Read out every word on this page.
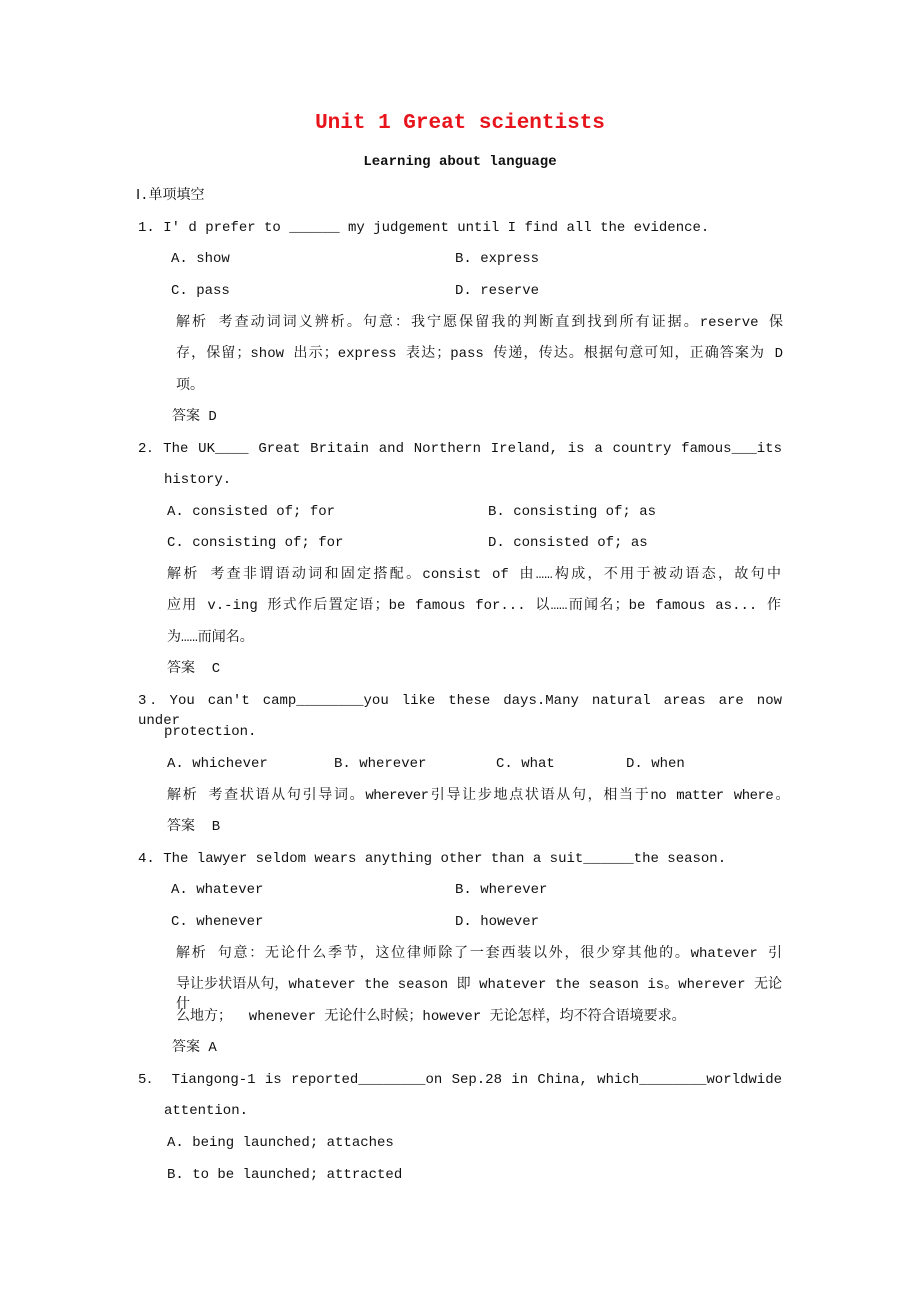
Unit 1 Great scientists
Learning about language
Ⅰ.单项填空
1. I' d prefer to ______ my judgement until I find all the evidence.
A. show	B. express
C. pass	D. reserve
解析 考查动词词义辨析。句意：我宁愿保留我的判断直到找到所有证据。reserve 保
存，保留；show 出示；express 表达；pass 传递，传达。根据句意可知，正确答案为 D
项。
答案 D
2．The UK____ Great Britain and Northern Ireland, is a country famous___its
history.
A. consisted of; for	B. consisting of; as
C. consisting of; for	D. consisted of; as
解析 考查非谓语动词和固定搭配。consist of 由……构成，不用于被动语态，故句中
应用 v.-ing 形式作后置定语；be famous for... 以……而闻名；be famous as... 作
为……而闻名。
答案  C
3．You can't camp________you like these days.Many natural areas are now under
protection.
A. whichever	B. wherever	C. what	D. when
解析 考查状语从句引导词。wherever引导让步地点状语从句，相当于no matter where。
答案  B
4. The lawyer seldom wears anything other than a suit______the season.
A. whatever	B. wherever
C. whenever	D. however
解析 句意：无论什么季节，这位律师除了一套西装以外，很少穿其他的。whatever 引
导让步状语从句，whatever the season 即 whatever the season is。wherever 无论什
么地方；  whenever 无论什么时候；however 无论怎样，均不符合语境要求。
答案 A
5． Tiangong-1 is reported________on Sep.28 in China, which________worldwide
attention.
A. being launched; attaches
B. to be launched; attracted
